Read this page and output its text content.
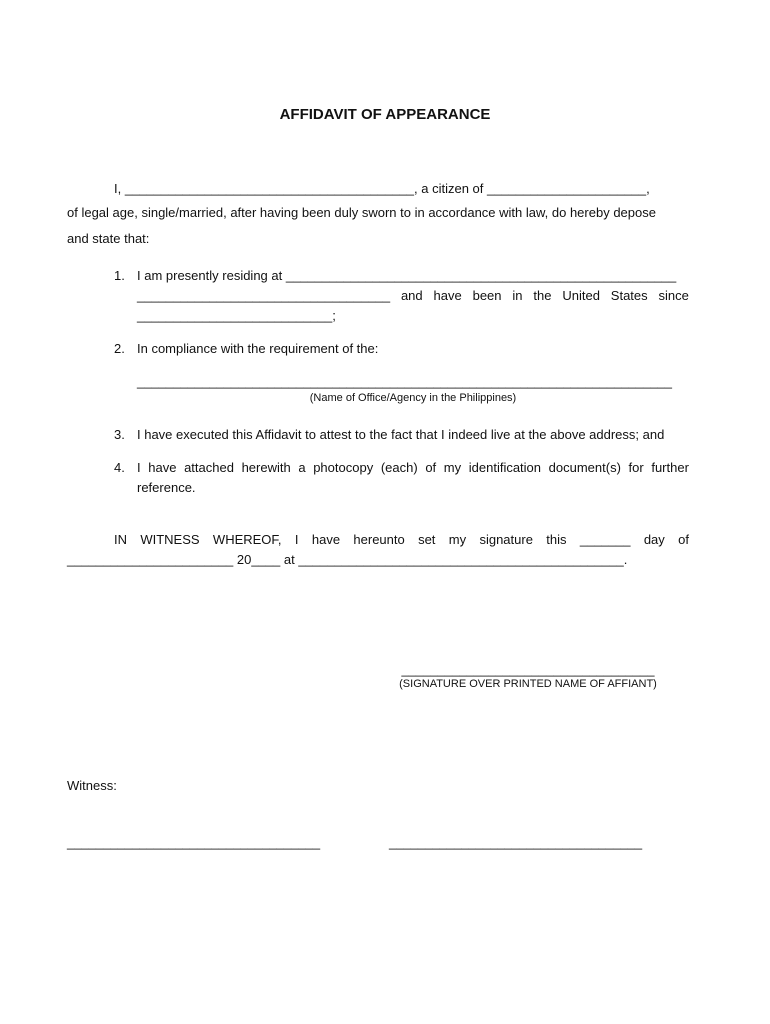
AFFIDAVIT OF APPEARANCE
I, ________________________________________, a citizen of ______________________,
of legal age, single/married, after having been duly sworn to in accordance with law, do hereby depose
and state that:
1. I am presently residing at ______________________________________________________
___________________________________ and have been in the United States since
___________________________;
2. In compliance with the requirement of the:
__________________________________________________________________________
(Name of Office/Agency in the Philippines)
3. I have executed this Affidavit to attest to the fact that I indeed live at the above address; and
4. I have attached herewith a photocopy (each) of my identification document(s) for further
reference.
IN WITNESS WHEREOF, I have hereunto set my signature this _______ day of
_______________________ 20____ at _____________________________________________.
___________________________________
(SIGNATURE OVER PRINTED NAME OF AFFIANT)
Witness:
___________________________________	___________________________________
